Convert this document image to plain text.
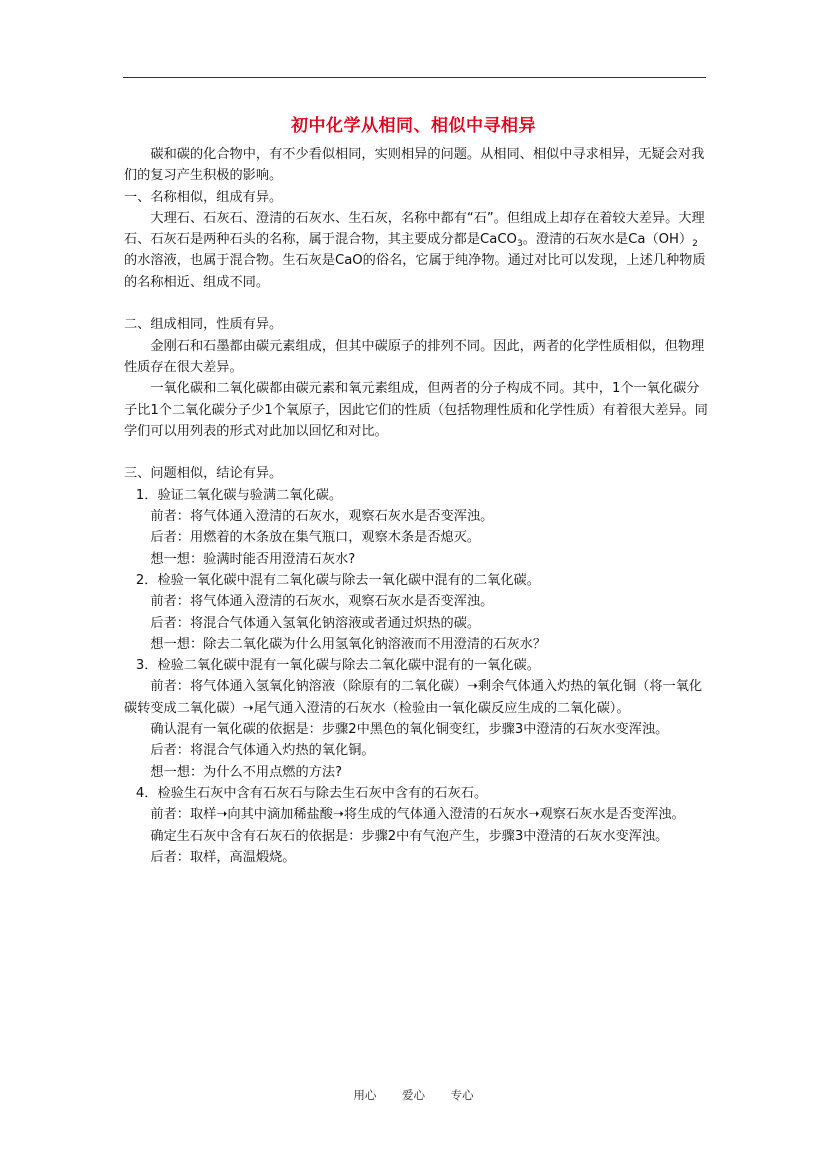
初中化学从相同、相似中寻相异

碳和碳的化合物中，有不少看似相同，实则相异的问题。从相同、相似中寻求相异，无疑会对我们的复习产生积极的影响。

一、名称相似，组成有异。

大理石、石灰石、澄清的石灰水、生石灰，名称中都有“石”。但组成上却存在着较大差异。大理石、石灰石是两种石头的名称，属于混合物，其主要成分都是CaCO$_3$。澄清的石灰水是$Ca(OH)_2$的水溶液，也属于混合物。生石灰是CaO的俗名，它属于纯净物。通过对比可以发现，上述几种物质的名称相近、组成不同。

二、组成相同，性质有异。

金刚石和石墨都由碳元素组成，但其中碳原子的排列不同。因此，两者的化学性质相似，但物理性质存在很大差异。

一氧化碳和二氧化碳都由碳元素和氧元素组成，但两者的分子构成不同。其中，1个一氧化碳分子比1个二氧化碳分子少1个氧原子，因此它们的性质（包括物理性质和化学性质）有着很大差异。同学们可以用列表的形式对此加以回忆和对比。

三、问题相似，结论有异。

1．验证二氧化碳与验满二氧化碳。

前者：将气体通入澄清的石灰水，观察石灰水是否变浑浊。

后者：用燃着的木条放在集气瓶口，观察木条是否熄灭。

想一想：验满时能否用澄清石灰水?

2．检验一氧化碳中混有二氧化碳与除去一氧化碳中混有的二氧化碳。

前者：将气体通入澄清的石灰水，观察石灰水是否变浑浊。

后者：将混合气体通入氢氧化钠溶液或者通过炽热的碳。

想一想：除去二氧化碳为什么用氢氧化钠溶液而不用澄清的石灰水？

3．检验二氧化碳中混有一氧化碳与除去二氧化碳中混有的一氧化碳。

前者：将气体通入氢氧化钠溶液（除原有的二氧化碳）➝剩余气体通入灼热的氧化铜（将一氧化碳转变成二氧化碳）➝尾气通入澄清的石灰水（检验由一氧化碳反应生成的二氧化碳）。

确认混有一氧化碳的依据是：步骤2中黑色的氧化铜变红，步骤3中澄清的石灰水变浑浊。

后者：将混合气体通入灼热的氧化铜。

想一想：为什么不用点燃的方法?

4．检验生石灰中含有石灰石与除去生石灰中含有的石灰石。

前者：取样➝向其中滴加稀盐酸➝将生成的气体通入澄清的石灰水➝观察石灰水是否变浑浊。

确定生石灰中含有石灰石的依据是：步骤2中有气泡产生，步骤3中澄清的石灰水变浑浊。

后者：取样，高温煅烧。

用心 爱心 专心
